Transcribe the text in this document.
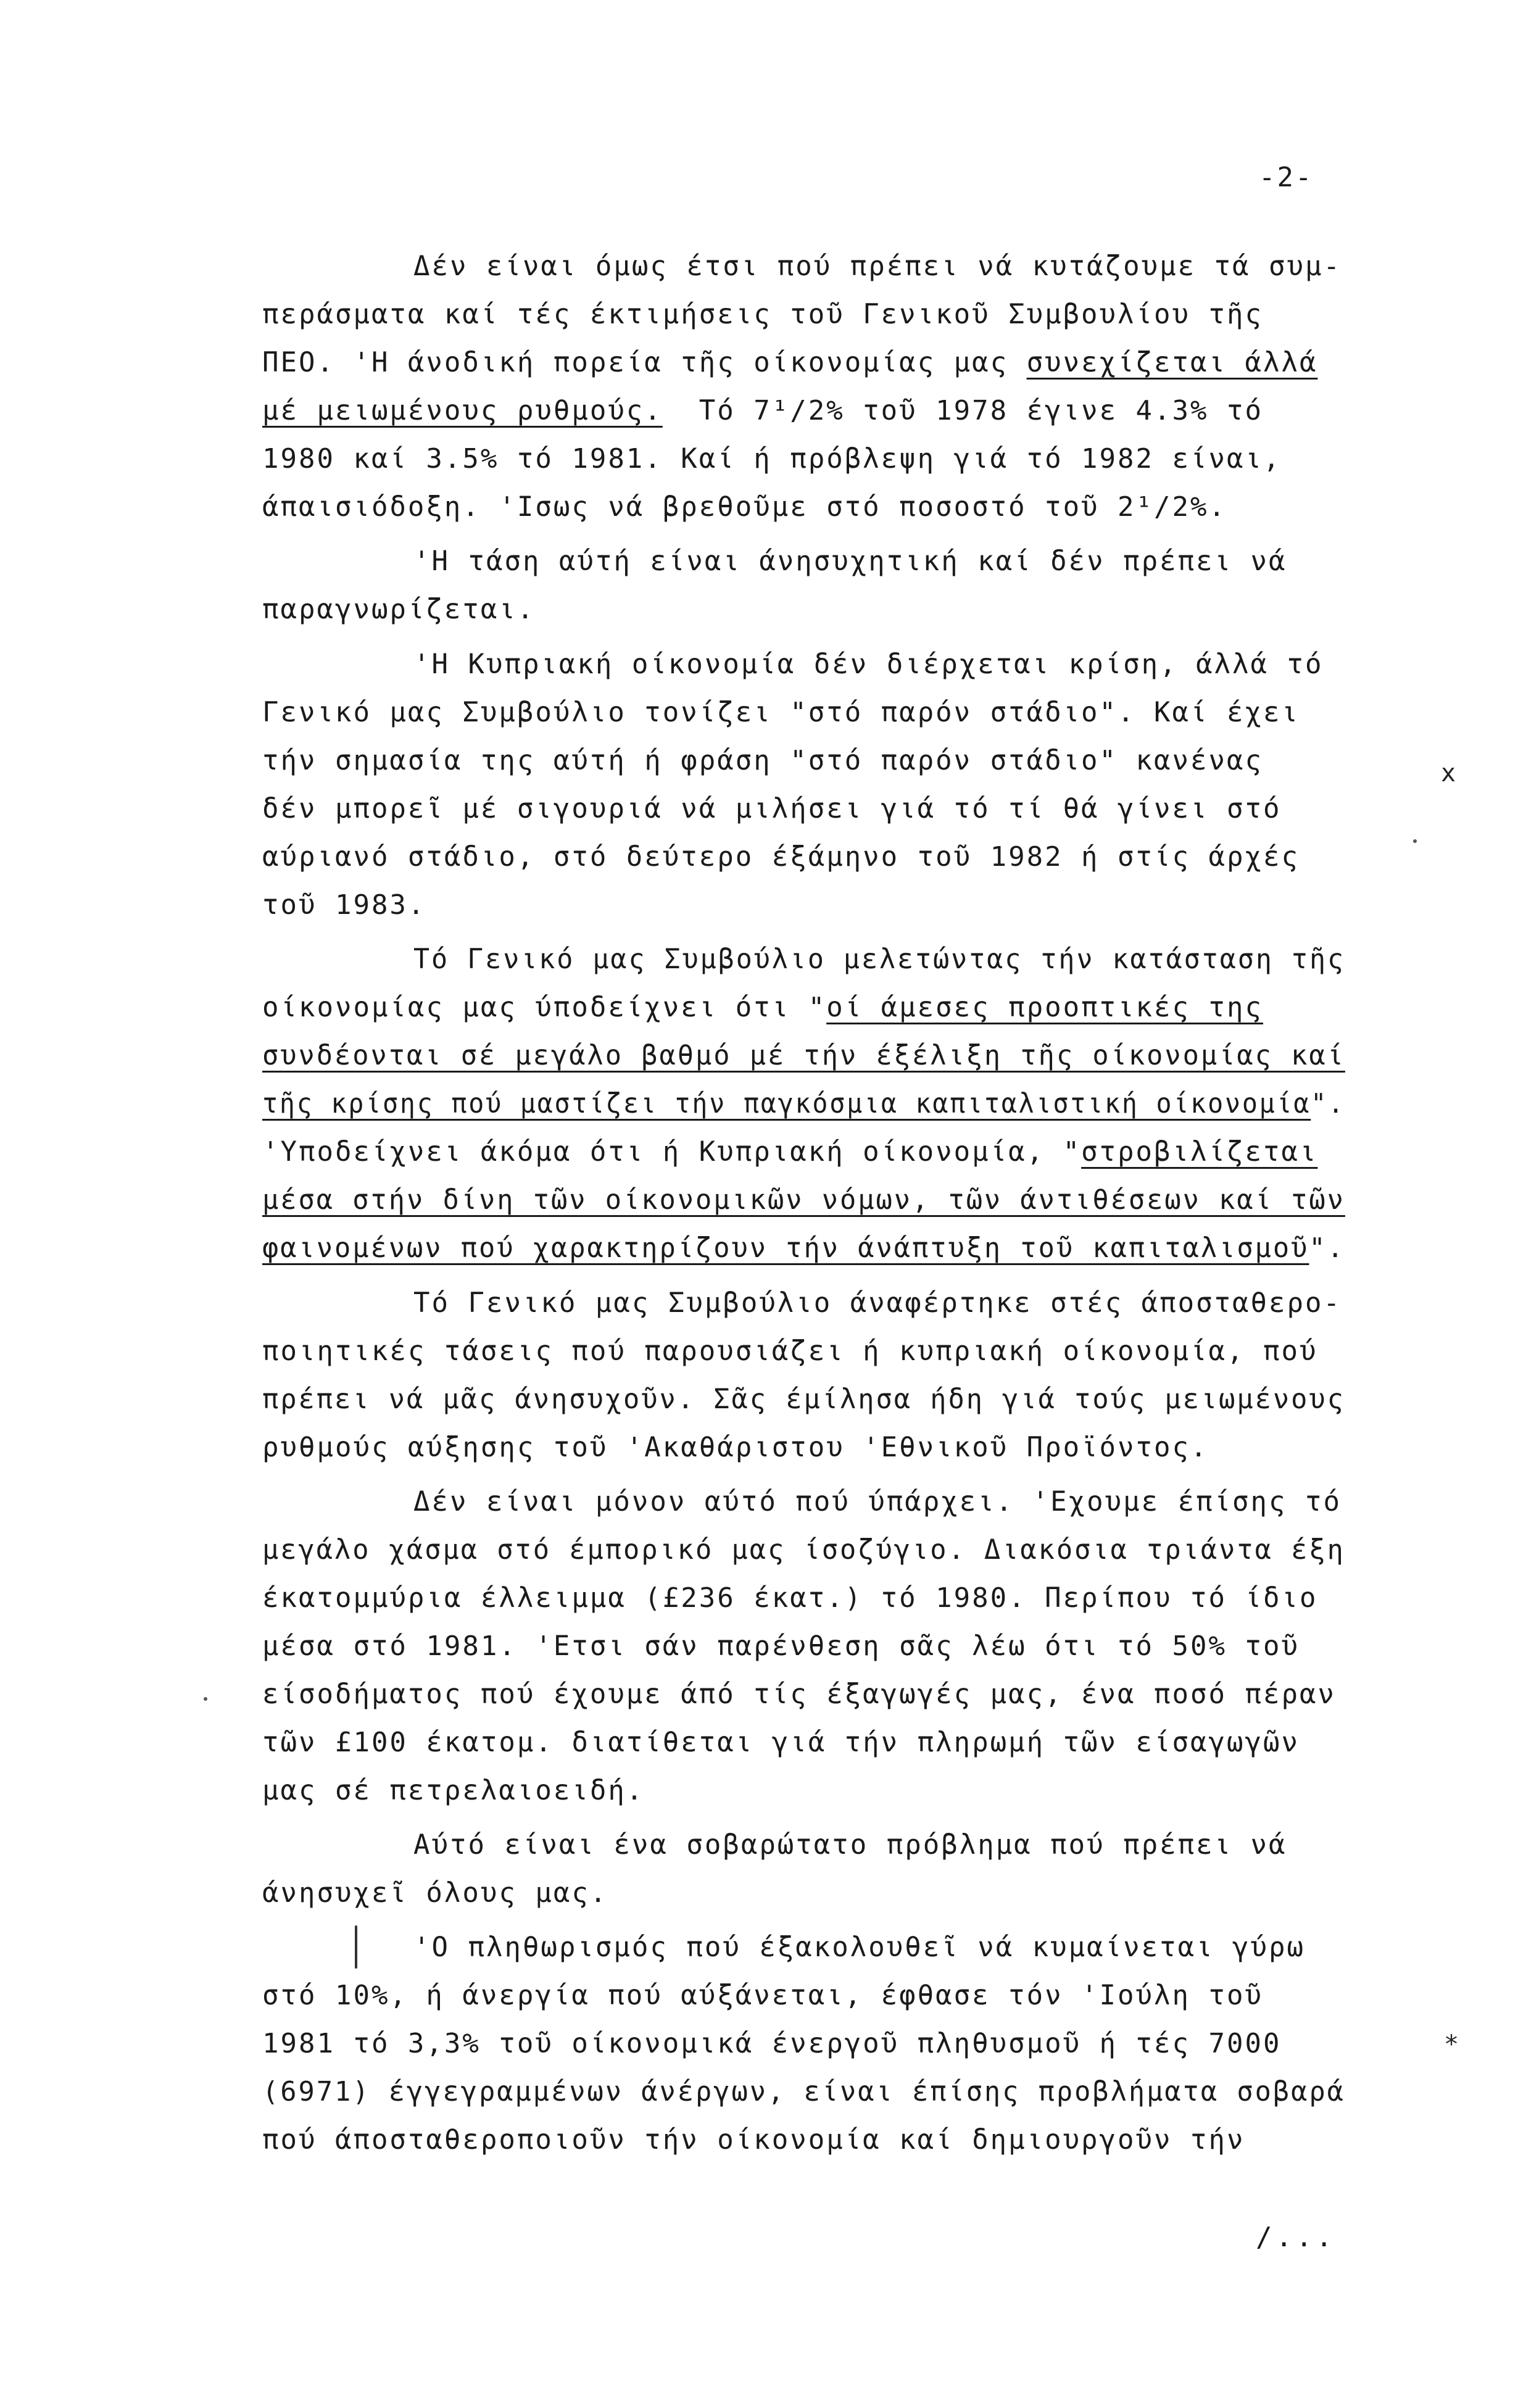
-2-
Δέν είναι όμως έτσι πού πρέπει νά κυτάζουμε τά συμ-
περάσματα καί τές έκτιμήσεις τοῦ Γενικοῦ Συμβουλίου τῆς
ΠΕΟ. 'Η άνοδική πορεία τῆς οίκονομίας μας συνεχίζεται άλλά
μέ μειωμένους ρυθμούς.  Τό 7¹/2% τοῦ 1978 έγινε 4.3% τό
1980 καί 3.5% τό 1981. Καί ή πρόβλεψη γιά τό 1982 είναι,
άπαισιόδοξη. 'Ισως νά βρεθοῦμε στό ποσοστό τοῦ 2¹/2%.
'Η τάση αύτή είναι άνησυχητική καί δέν πρέπει νά
παραγνωρίζεται.
'Η Κυπριακή οίκονομία δέν διέρχεται κρίση, άλλά τό
Γενικό μας Συμβούλιο τονίζει "στό παρόν στάδιο". Καί έχει
τήν σημασία της αύτή ή φράση "στό παρόν στάδιο" κανένας
δέν μπορεῖ μέ σιγουριά νά μιλήσει γιά τό τί θά γίνει στό
αύριανό στάδιο, στό δεύτερο έξάμηνο τοῦ 1982 ή στίς άρχές
τοῦ 1983.
Τό Γενικό μας Συμβούλιο μελετώντας τήν κατάσταση τῆς
οίκονομίας μας ύποδείχνει ότι "οί άμεσες προοπτικές της
συνδέονται σέ μεγάλο βαθμό μέ τήν έξέλιξη τῆς οίκονομίας καί
τῆς κρίσης πού μαστίζει τήν παγκόσμια καπιταλιστική οίκονομία".
'Υποδείχνει άκόμα ότι ή Κυπριακή οίκονομία, "στροβιλίζεται
μέσα στήν δίνη τῶν οίκονομικῶν νόμων, τῶν άντιθέσεων καί τῶν
φαινομένων πού χαρακτηρίζουν τήν άνάπτυξη τοῦ καπιταλισμοῦ".
Τό Γενικό μας Συμβούλιο άναφέρτηκε στές άποσταθερο-
ποιητικές τάσεις πού παρουσιάζει ή κυπριακή οίκονομία, πού
πρέπει νά μᾶς άνησυχοῦν. Σᾶς έμίλησα ήδη γιά τούς μειωμένους
ρυθμούς αύξησης τοῦ 'Ακαθάριστου 'Εθνικοῦ Προϊόντος.
Δέν είναι μόνον αύτό πού ύπάρχει. 'Εχουμε έπίσης τό
μεγάλο χάσμα στό έμπορικό μας ίσοζύγιο. Διακόσια τριάντα έξη
έκατομμύρια έλλειμμα (£236 έκατ.) τό 1980. Περίπου τό ίδιο
μέσα στό 1981. 'Ετσι σάν παρένθεση σᾶς λέω ότι τό 50% τοῦ
είσοδήματος πού έχουμε άπό τίς έξαγωγές μας, ένα ποσό πέραν
τῶν £100 έκατομ. διατίθεται γιά τήν πληρωμή τῶν είσαγωγῶν
μας σέ πετρελαιοειδή.
Αύτό είναι ένα σοβαρώτατο πρόβλημα πού πρέπει νά
άνησυχεῖ όλους μας.
'Ο πληθωρισμός πού έξακολουθεῖ νά κυμαίνεται γύρω
στό 10%, ή άνεργία πού αύξάνεται, έφθασε τόν 'Ιούλη τοῦ
1981 τό 3,3% τοῦ οίκονομικά ένεργοῦ πληθυσμοῦ ή τές 7000
(6971) έγγεγραμμένων άνέργων, είναι έπίσης προβλήματα σοβαρά
πού άποσταθεροποιοῦν τήν οίκονομία καί δημιουργοῦν τήν
/...
x
*
